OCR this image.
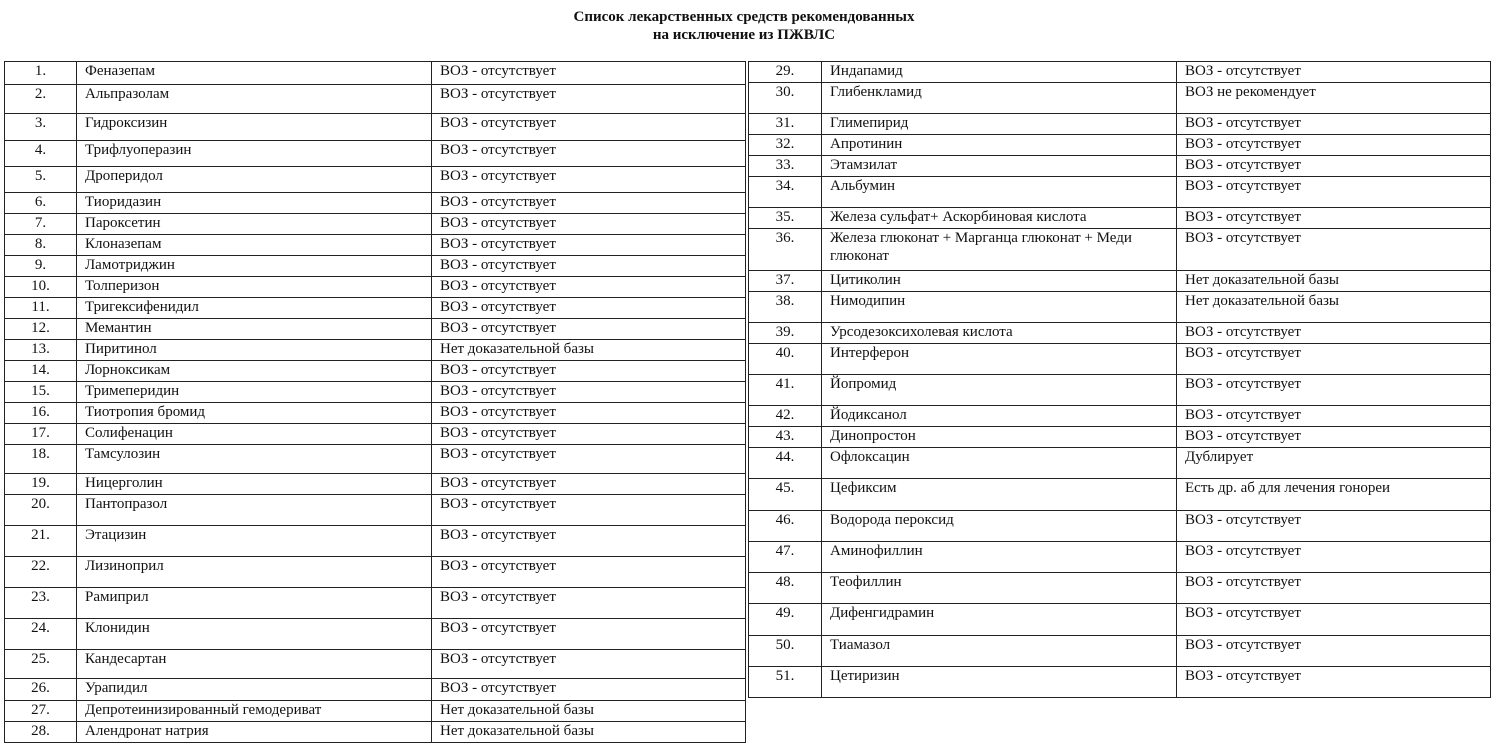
Список лекарственных средств рекомендованных
на исключение из ПЖВЛС
1.	Феназепам	ВОЗ - отсутствует
2.	Альпразолам	ВОЗ - отсутствует
3.	Гидроксизин	ВОЗ - отсутствует
4.	Трифлуоперазин	ВОЗ - отсутствует
5.	Дроперидол	ВОЗ - отсутствует
6.	Тиоридазин	ВОЗ - отсутствует
7.	Пароксетин	ВОЗ - отсутствует
8.	Клоназепам	ВОЗ - отсутствует
9.	Ламотриджин	ВОЗ - отсутствует
10.	Толперизон	ВОЗ - отсутствует
11.	Тригексифенидил	ВОЗ - отсутствует
12.	Мемантин	ВОЗ - отсутствует
13.	Пиритинол	Нет доказательной базы
14.	Лорноксикам	ВОЗ - отсутствует
15.	Тримеперидин	ВОЗ - отсутствует
16.	Тиотропия бромид	ВОЗ - отсутствует
17.	Солифенацин	ВОЗ - отсутствует
18.	Тамсулозин	ВОЗ - отсутствует
19.	Ницерголин	ВОЗ - отсутствует
20.	Пантопразол	ВОЗ - отсутствует
21.	Этацизин	ВОЗ - отсутствует
22.	Лизиноприл	ВОЗ - отсутствует
23.	Рамиприл	ВОЗ - отсутствует
24.	Клонидин	ВОЗ - отсутствует
25.	Кандесартан	ВОЗ - отсутствует
26.	Урапидил	ВОЗ - отсутствует
27.	Депротеинизированный гемодериват	Нет доказательной базы
28.	Алендронат натрия	Нет доказательной базы
29.	Индапамид	ВОЗ - отсутствует
30.	Глибенкламид	ВОЗ не рекомендует
31.	Глимепирид	ВОЗ - отсутствует
32.	Апротинин	ВОЗ - отсутствует
33.	Этамзилат	ВОЗ - отсутствует
34.	Альбумин	ВОЗ - отсутствует
35.	Железа сульфат+ Аскорбиновая кислота	ВОЗ - отсутствует
36.	Железа глюконат + Марганца глюконат + Меди глюконат	ВОЗ - отсутствует
37.	Цитиколин	Нет доказательной базы
38.	Нимодипин	Нет доказательной базы
39.	Урсодезоксихолевая кислота	ВОЗ - отсутствует
40.	Интерферон	ВОЗ - отсутствует
41.	Йопромид	ВОЗ - отсутствует
42.	Йодиксанол	ВОЗ - отсутствует
43.	Динопростон	ВОЗ - отсутствует
44.	Офлоксацин	Дублирует
45.	Цефиксим	Есть др. аб для лечения гонореи
46.	Водорода пероксид	ВОЗ - отсутствует
47.	Аминофиллин	ВОЗ - отсутствует
48.	Теофиллин	ВОЗ - отсутствует
49.	Дифенгидрамин	ВОЗ - отсутствует
50.	Тиамазол	ВОЗ - отсутствует
51.	Цетиризин	ВОЗ - отсутствует
